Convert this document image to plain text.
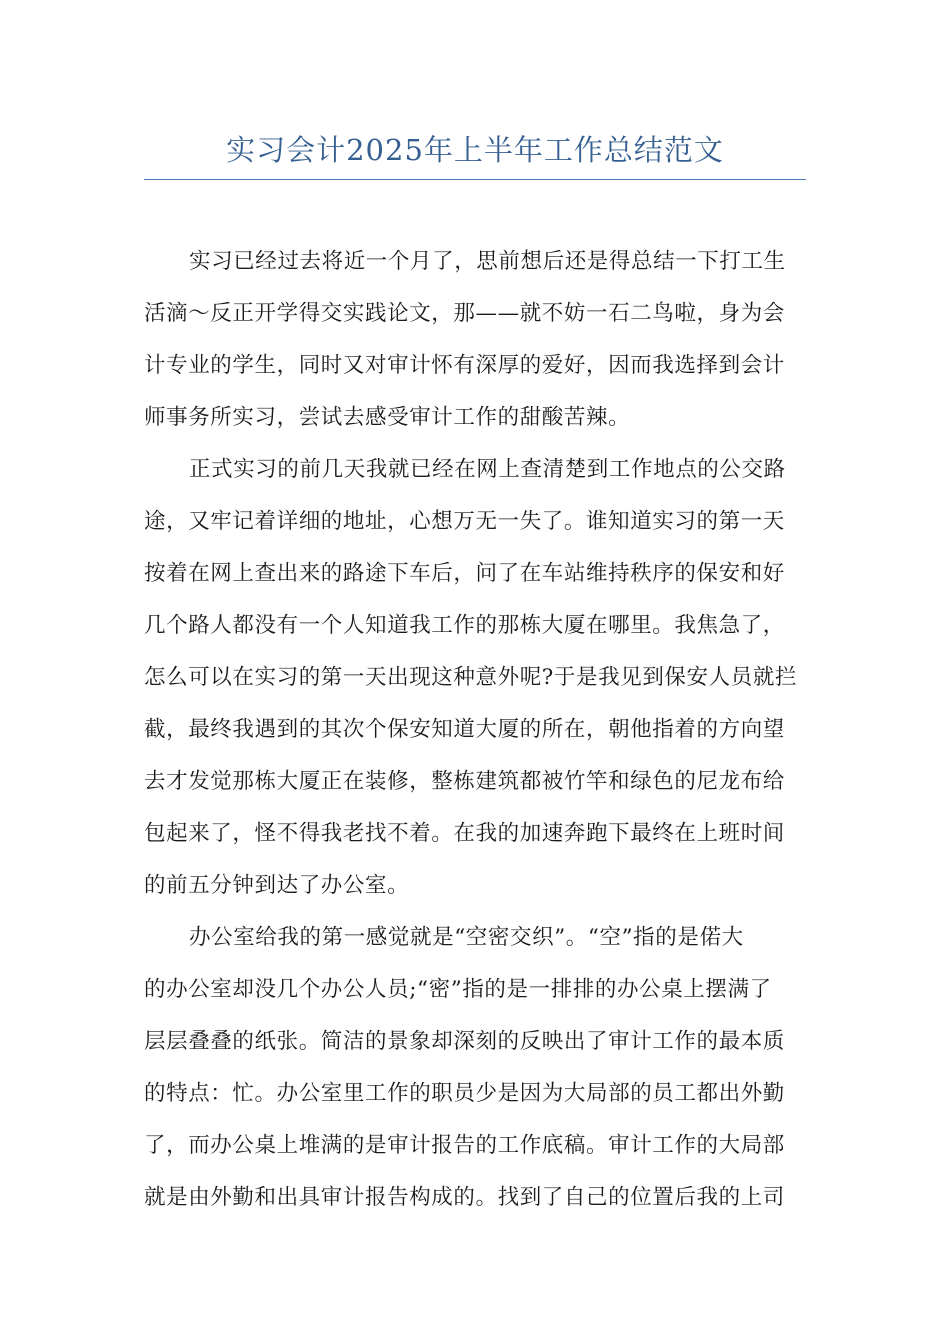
实习会计2025年上半年工作总结范文

实习已经过去将近一个月了，思前想后还是得总结一下打工生
活滴～反正开学得交实践论文，那——就不妨一石二鸟啦，身为会
计专业的学生，同时又对审计怀有深厚的爱好，因而我选择到会计
师事务所实习，尝试去感受审计工作的甜酸苦辣。

正式实习的前几天我就已经在网上查清楚到工作地点的公交路
途，又牢记着详细的地址，心想万无一失了。谁知道实习的第一天
按着在网上查出来的路途下车后，问了在车站维持秩序的保安和好
几个路人都没有一个人知道我工作的那栋大厦在哪里。我焦急了，
怎么可以在实习的第一天出现这种意外呢?于是我见到保安人员就拦
截，最终我遇到的其次个保安知道大厦的所在，朝他指着的方向望
去才发觉那栋大厦正在装修，整栋建筑都被竹竿和绿色的尼龙布给
包起来了，怪不得我老找不着。在我的加速奔跑下最终在上班时间
的前五分钟到达了办公室。

办公室给我的第一感觉就是“空密交织”。“空”指的是偌大
的办公室却没几个办公人员;“密”指的是一排排的办公桌上摆满了
层层叠叠的纸张。简洁的景象却深刻的反映出了审计工作的最本质
的特点：忙。办公室里工作的职员少是因为大局部的员工都出外勤
了，而办公桌上堆满的是审计报告的工作底稿。审计工作的大局部
就是由外勤和出具审计报告构成的。找到了自己的位置后我的上司
